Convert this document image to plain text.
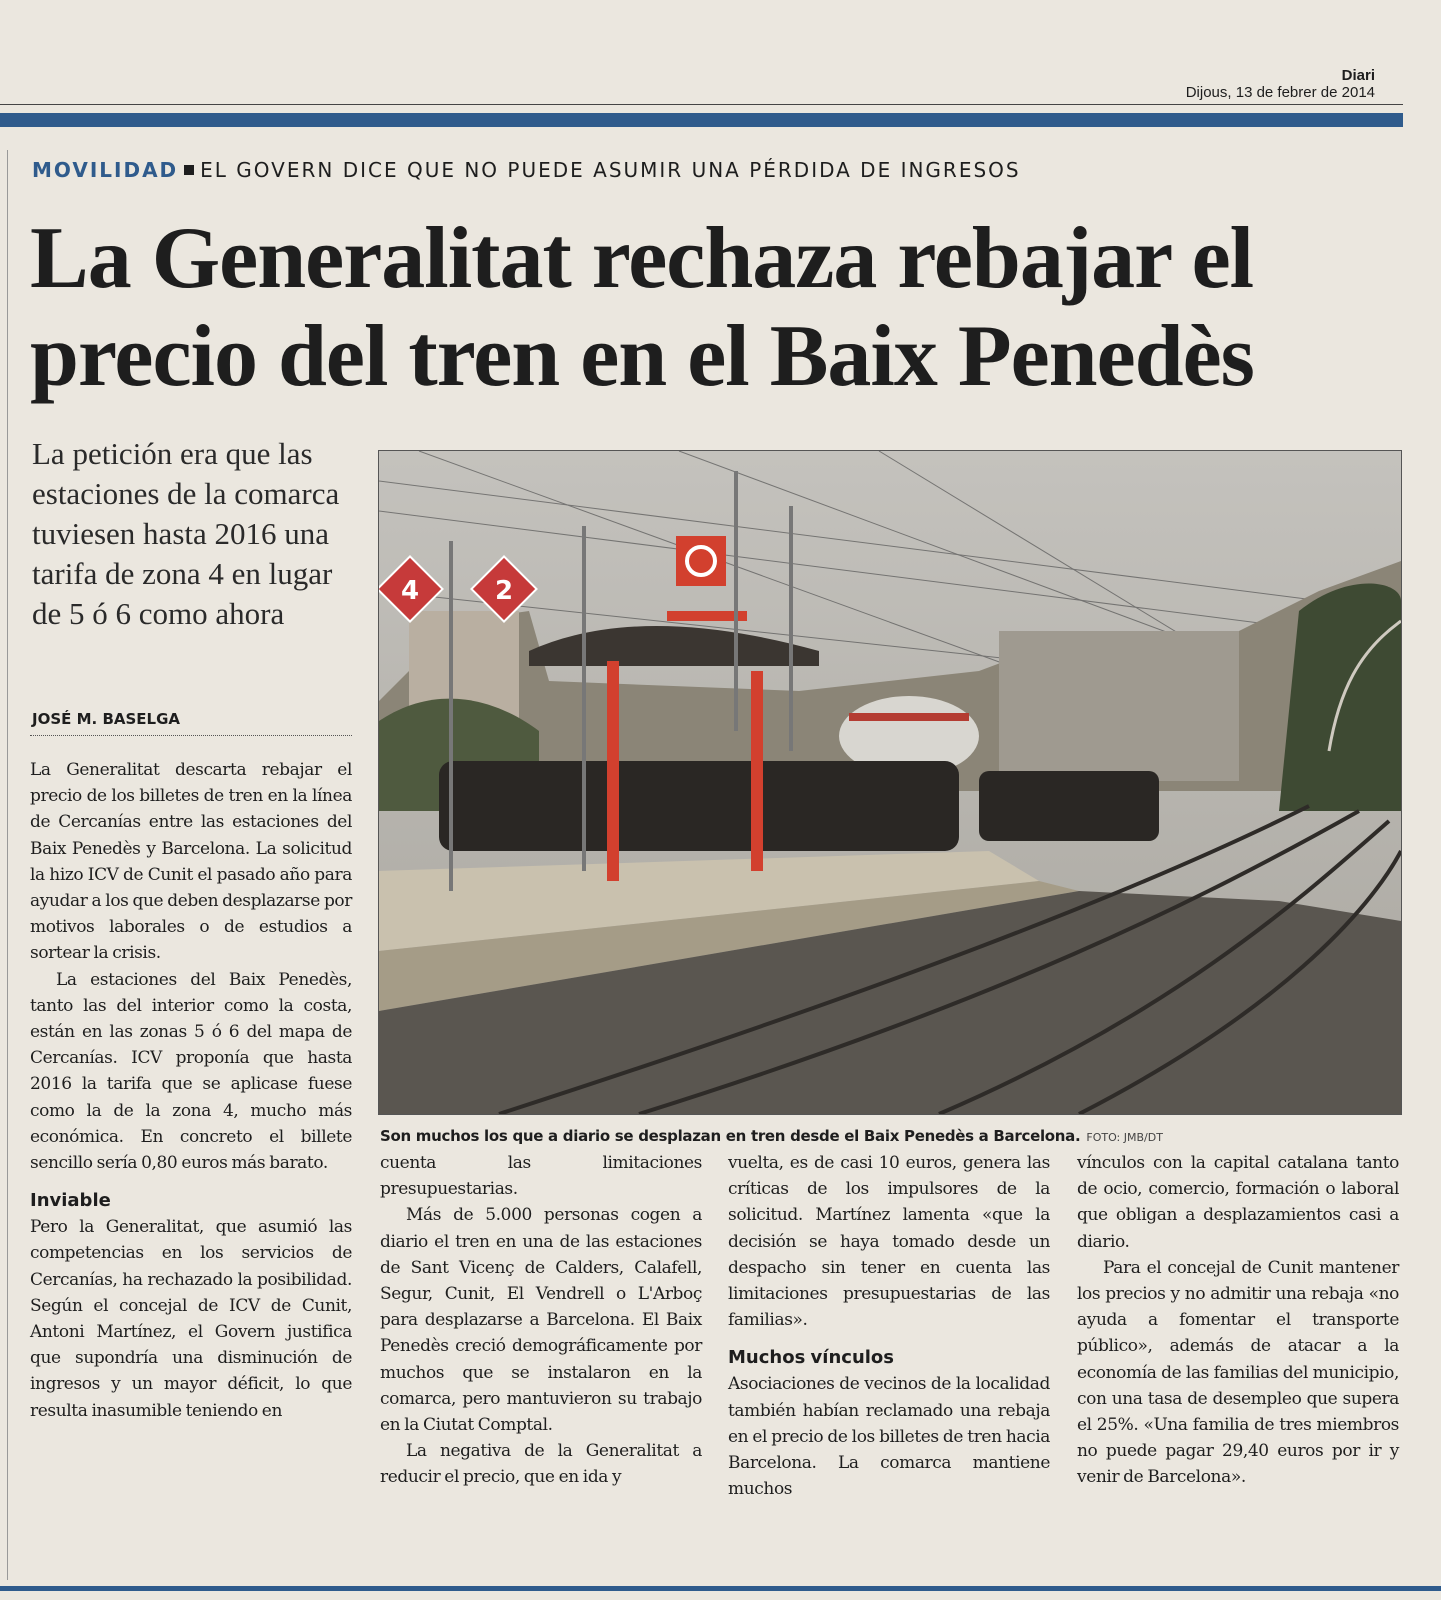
Diari
Dijous, 13 de febrer de 2014
MOVILIDAD EL GOVERN DICE QUE NO PUEDE ASUMIR UNA PÉRDIDA DE INGRESOS
La Generalitat rechaza rebajar el precio del tren en el Baix Penedès

La petición era que las estaciones de la comarca tuviesen hasta 2016 una tarifa de zona 4 en lugar de 5 ó 6 como ahora

JOSÉ M. BASELGA

La Generalitat descarta rebajar el precio de los billetes de tren en la línea de Cercanías entre las estaciones del Baix Penedès y Barcelona. La solicitud la hizo ICV de Cunit el pasado año para ayudar a los que deben desplazarse por motivos laborales o de estudios a sortear la crisis.

La estaciones del Baix Penedès, tanto las del interior como la costa, están en las zonas 5 ó 6 del mapa de Cercanías. ICV proponía que hasta 2016 la tarifa que se aplicase fuese como la de la zona 4, mucho más económica. En concreto el billete sencillo sería 0,80 euros más barato.

Inviable

Pero la Generalitat, que asumió las competencias en los servicios de Cercanías, ha rechazado la posibilidad. Según el concejal de ICV de Cunit, Antoni Martínez, el Govern justifica que supondría una disminución de ingresos y un mayor déficit, lo que resulta inasumible teniendo en

4	2
Son muchos los que a diario se desplazan en tren desde el Baix Penedès a Barcelona. FOTO: JMB/DT

cuenta las limitaciones presupuestarias.

Más de 5.000 personas cogen a diario el tren en una de las estaciones de Sant Vicenç de Calders, Calafell, Segur, Cunit, El Vendrell o L'Arboç para desplazarse a Barcelona. El Baix Penedès creció demográficamente por muchos que se instalaron en la comarca, pero mantuvieron su trabajo en la Ciutat Comptal.

La negativa de la Generalitat a reducir el precio, que en ida y

vuelta, es de casi 10 euros, genera las críticas de los impulsores de la solicitud. Martínez lamenta «que la decisión se haya tomado desde un despacho sin tener en cuenta las limitaciones presupuestarias de las familias».

Muchos vínculos

Asociaciones de vecinos de la localidad también habían reclamado una rebaja en el precio de los billetes de tren hacia Barcelona. La comarca mantiene muchos

vínculos con la capital catalana tanto de ocio, comercio, formación o laboral que obligan a desplazamientos casi a diario.

Para el concejal de Cunit mantener los precios y no admitir una rebaja «no ayuda a fomentar el transporte público», además de atacar a la economía de las familias del municipio, con una tasa de desempleo que supera el 25%. «Una familia de tres miembros no puede pagar 29,40 euros por ir y venir de Barcelona».
